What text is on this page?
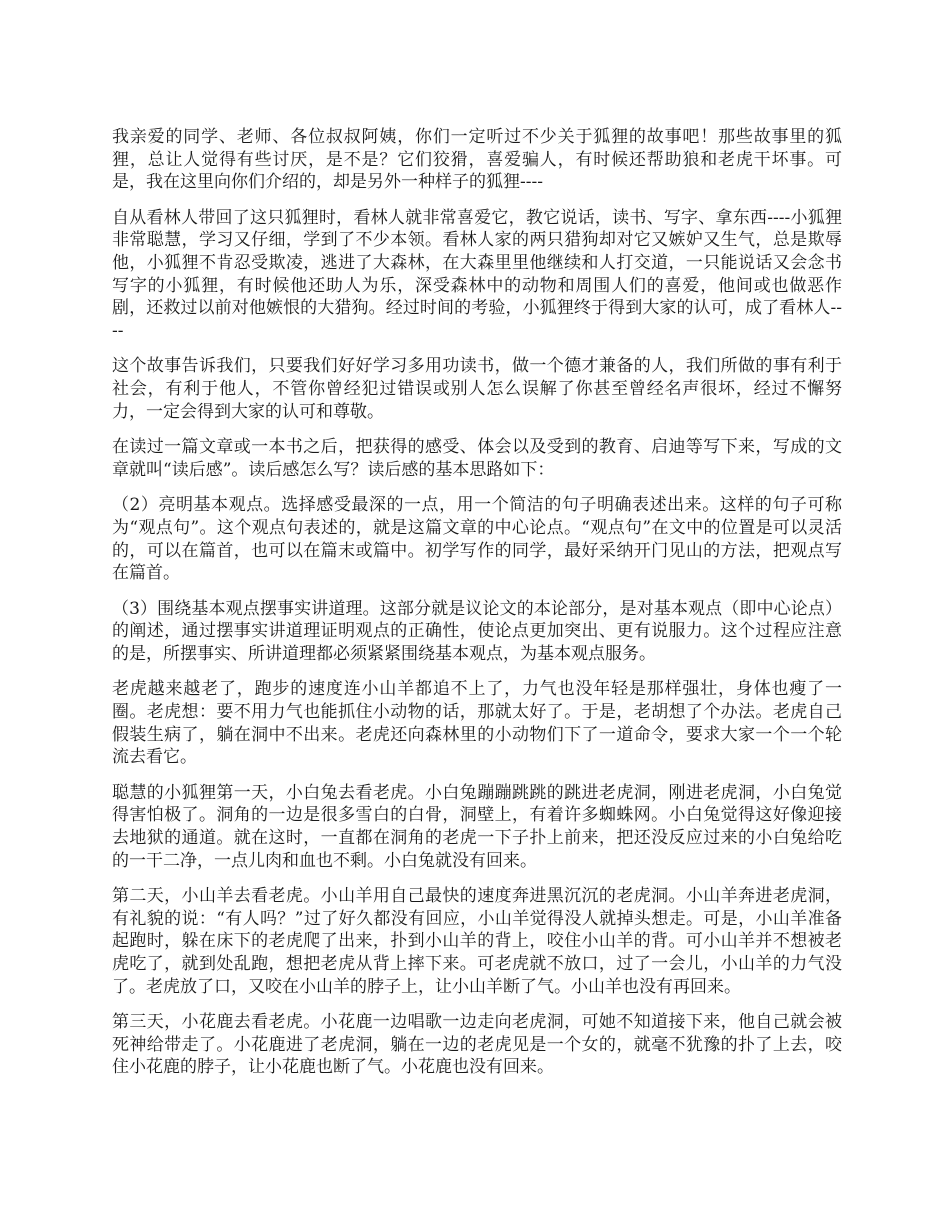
我亲爱的同学、老师、各位叔叔阿姨，你们一定听过不少关于狐狸的故事吧！那些故事里的狐狸，总让人觉得有些讨厌，是不是？它们狡猾，喜爱骗人，有时候还帮助狼和老虎干坏事。可是，我在这里向你们介绍的，却是另外一种样子的狐狸----

自从看林人带回了这只狐狸时，看林人就非常喜爱它，教它说话，读书、写字、拿东西----小狐狸非常聪慧，学习又仔细，学到了不少本领。看林人家的两只猎狗却对它又嫉妒又生气，总是欺辱他，小狐狸不肯忍受欺凌，逃进了大森林，在大森里里他继续和人打交道，一只能说话又会念书写字的小狐狸，有时候他还助人为乐，深受森林中的动物和周围人们的喜爱，他间或也做恶作剧，还救过以前对他嫉恨的大猎狗。经过时间的考验，小狐狸终于得到大家的认可，成了看林人----

这个故事告诉我们，只要我们好好学习多用功读书，做一个德才兼备的人，我们所做的事有利于社会，有利于他人，不管你曾经犯过错误或别人怎么误解了你甚至曾经名声很坏，经过不懈努力，一定会得到大家的认可和尊敬。

在读过一篇文章或一本书之后，把获得的感受、体会以及受到的教育、启迪等写下来，写成的文章就叫“读后感”。读后感怎么写？读后感的基本思路如下：

（2）亮明基本观点。选择感受最深的一点，用一个简洁的句子明确表述出来。这样的句子可称为“观点句”。这个观点句表述的，就是这篇文章的中心论点。“观点句”在文中的位置是可以灵活的，可以在篇首，也可以在篇末或篇中。初学写作的同学，最好采纳开门见山的方法，把观点写在篇首。

（3）围绕基本观点摆事实讲道理。这部分就是议论文的本论部分，是对基本观点（即中心论点）的阐述，通过摆事实讲道理证明观点的正确性，使论点更加突出、更有说服力。这个过程应注意的是，所摆事实、所讲道理都必须紧紧围绕基本观点，为基本观点服务。

老虎越来越老了，跑步的速度连小山羊都追不上了，力气也没年轻是那样强壮，身体也瘦了一圈。老虎想：要不用力气也能抓住小动物的话，那就太好了。于是，老胡想了个办法。老虎自己假装生病了，躺在洞中不出来。老虎还向森林里的小动物们下了一道命令，要求大家一个一个轮流去看它。

聪慧的小狐狸第一天，小白兔去看老虎。小白兔蹦蹦跳跳的跳进老虎洞，刚进老虎洞，小白兔觉得害怕极了。洞角的一边是很多雪白的白骨，洞壁上，有着许多蜘蛛网。小白兔觉得这好像迎接去地狱的通道。就在这时，一直都在洞角的老虎一下子扑上前来，把还没反应过来的小白兔给吃的一干二净，一点儿肉和血也不剩。小白兔就没有回来。

第二天，小山羊去看老虎。小山羊用自己最快的速度奔进黑沉沉的老虎洞。小山羊奔进老虎洞，有礼貌的说：“有人吗？”过了好久都没有回应，小山羊觉得没人就掉头想走。可是，小山羊准备起跑时，躲在床下的老虎爬了出来，扑到小山羊的背上，咬住小山羊的背。可小山羊并不想被老虎吃了，就到处乱跑，想把老虎从背上摔下来。可老虎就不放口，过了一会儿，小山羊的力气没了。老虎放了口，又咬在小山羊的脖子上，让小山羊断了气。小山羊也没有再回来。

第三天，小花鹿去看老虎。小花鹿一边唱歌一边走向老虎洞，可她不知道接下来，他自己就会被死神给带走了。小花鹿进了老虎洞，躺在一边的老虎见是一个女的，就毫不犹豫的扑了上去，咬住小花鹿的脖子，让小花鹿也断了气。小花鹿也没有回来。
